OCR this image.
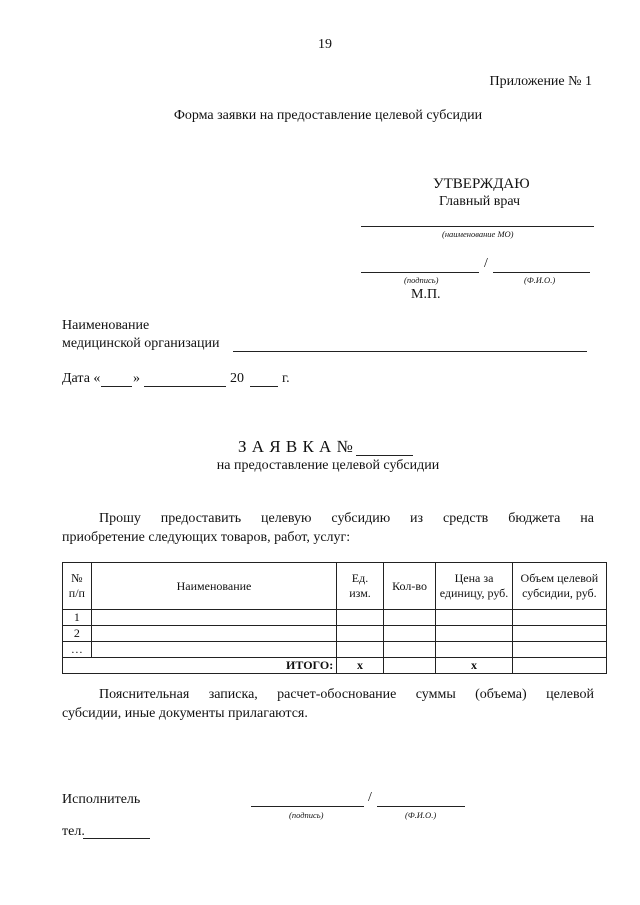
19
Приложение № 1
Форма заявки на предоставление целевой субсидии
УТВЕРЖДАЮ
Главный врач
(наименование МО)
/
(подпись)	(Ф.И.О.)
М.П.
Наименование
медицинской организации
Дата « »	20	г.
З А Я В К А №
на предоставление целевой субсидии
Прошу предоставить целевую субсидию из средств бюджета на
приобретение следующих товаров, работ, услуг:
№ п/п	Наименование	Ед. изм.	Кол-во	Цена за единицу, руб.	Объем целевой субсидии, руб.
1					
2					
…					
ИТОГО:		х		х	
Пояснительная записка, расчет-обоснование суммы (объема) целевой
субсидии, иные документы прилагаются.
Исполнитель	/
(подпись)	(Ф.И.О.)
тел.
